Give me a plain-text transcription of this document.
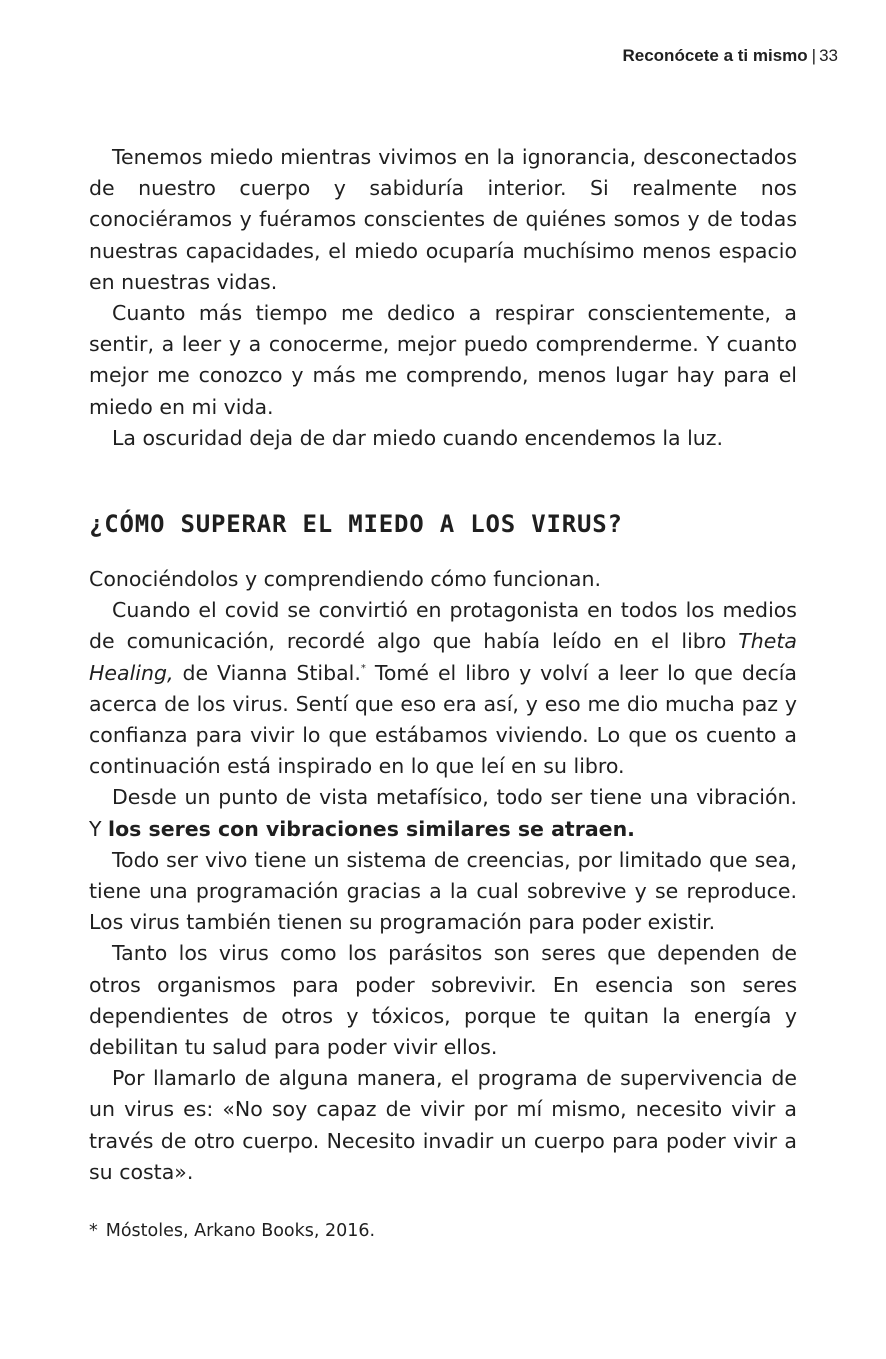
Reconócete a ti mismo | 33

Tenemos miedo mientras vivimos en la ignorancia, desconectados de nuestro cuerpo y sabiduría interior. Si realmente nos conociéramos y fuéramos conscientes de quiénes somos y de todas nuestras capacidades, el miedo ocuparía muchísimo menos espacio en nuestras vidas.

Cuanto más tiempo me dedico a respirar conscientemente, a sentir, a leer y a conocerme, mejor puedo comprenderme. Y cuanto mejor me conozco y más me comprendo, menos lugar hay para el miedo en mi vida.

La oscuridad deja de dar miedo cuando encendemos la luz.

¿CÓMO SUPERAR EL MIEDO A LOS VIRUS?

Conociéndolos y comprendiendo cómo funcionan.

Cuando el covid se convirtió en protagonista en todos los medios de comunicación, recordé algo que había leído en el libro Theta Healing, de Vianna Stibal.* Tomé el libro y volví a leer lo que decía acerca de los virus. Sentí que eso era así, y eso me dio mucha paz y confianza para vivir lo que estábamos viviendo. Lo que os cuento a continuación está inspirado en lo que leí en su libro.

Desde un punto de vista metafísico, todo ser tiene una vibración. Y los seres con vibraciones similares se atraen.

Todo ser vivo tiene un sistema de creencias, por limitado que sea, tiene una programación gracias a la cual sobrevive y se reproduce. Los virus también tienen su programación para poder existir.

Tanto los virus como los parásitos son seres que dependen de otros organismos para poder sobrevivir. En esencia son seres dependientes de otros y tóxicos, porque te quitan la energía y debilitan tu salud para poder vivir ellos.

Por llamarlo de alguna manera, el programa de supervivencia de un virus es: «No soy capaz de vivir por mí mismo, necesito vivir a través de otro cuerpo. Necesito invadir un cuerpo para poder vivir a su costa».

* Móstoles, Arkano Books, 2016.
